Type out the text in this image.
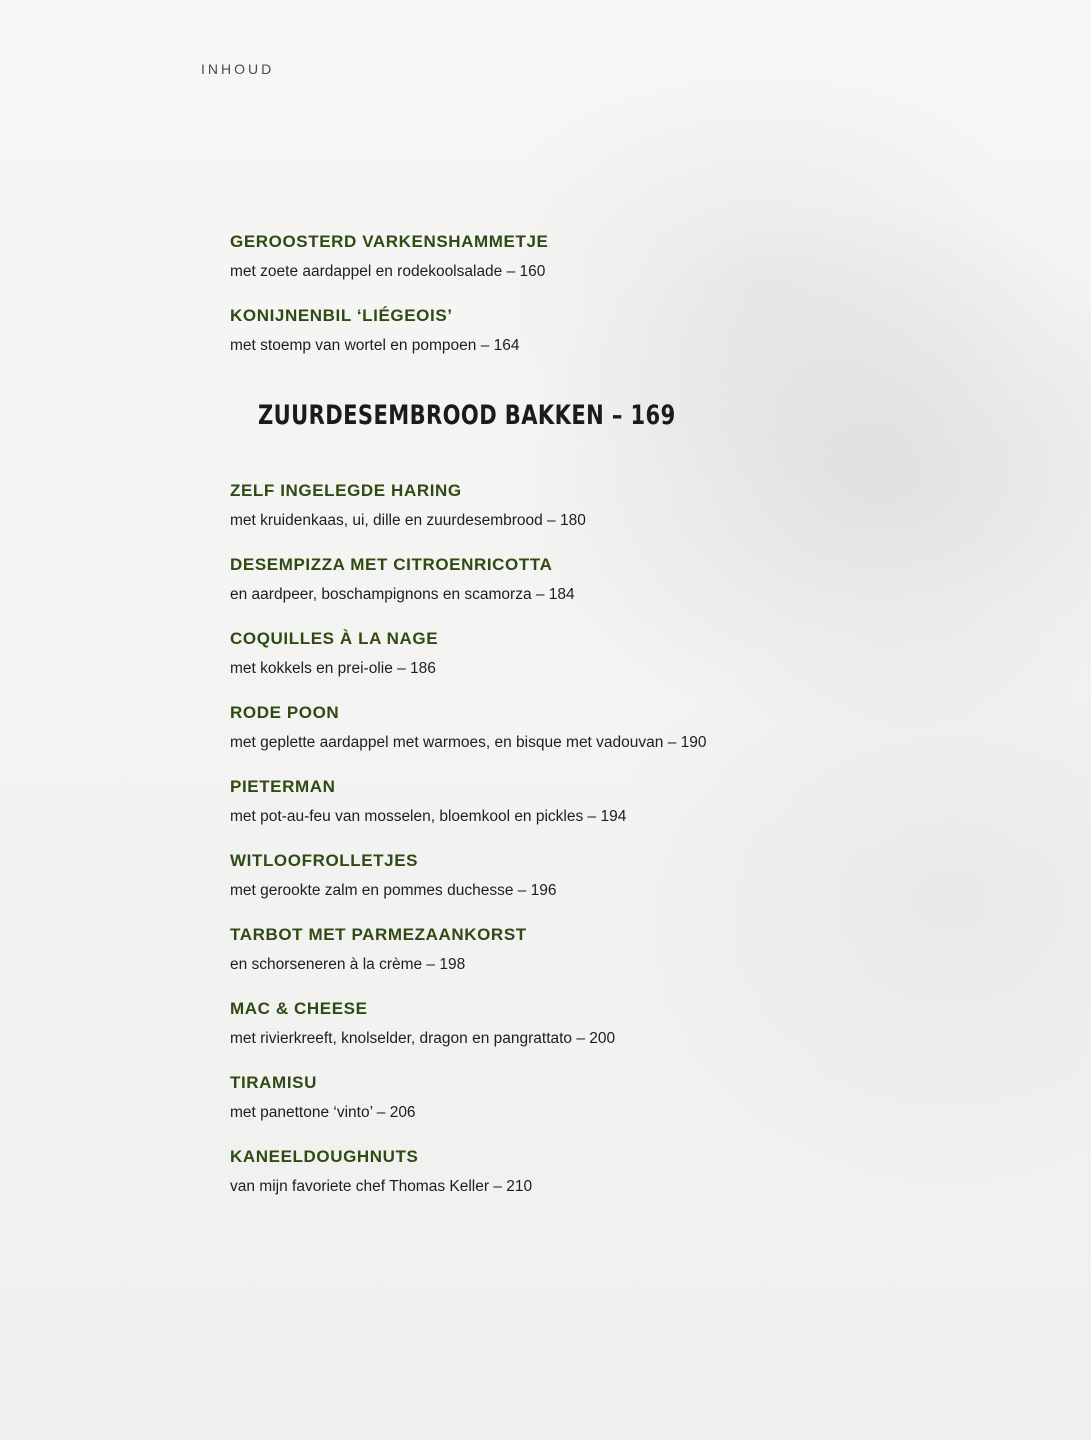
INHOUD
GEROOSTERD VARKENSHAMMETJE
met zoete aardappel en rodekoolsalade – 160
KONIJNENBIL ‘LIÉGEOIS’
met stoemp van wortel en pompoen – 164
ZUURDESEMBROOD BAKKEN – 169
ZELF INGELEGDE HARING
met kruidenkaas, ui, dille en zuurdesembrood – 180
DESEMPIZZA MET CITROENRICOTTA
en aardpeer, boschampignons en scamorza – 184
COQUILLES À LA NAGE
met kokkels en prei-olie – 186
RODE POON
met geplette aardappel met warmoes, en bisque met vadouvan – 190
PIETERMAN
met pot-au-feu van mosselen, bloemkool en pickles – 194
WITLOOFROLLETJES
met gerookte zalm en pommes duchesse – 196
TARBOT MET PARMEZAANKORST
en schorseneren à la crème – 198
MAC & CHEESE
met rivierkreeft, knolselder, dragon en pangrattato – 200
TIRAMISU
met panettone ‘vinto’ – 206
KANEELDOUGHNUTS
van mijn favoriete chef Thomas Keller – 210
